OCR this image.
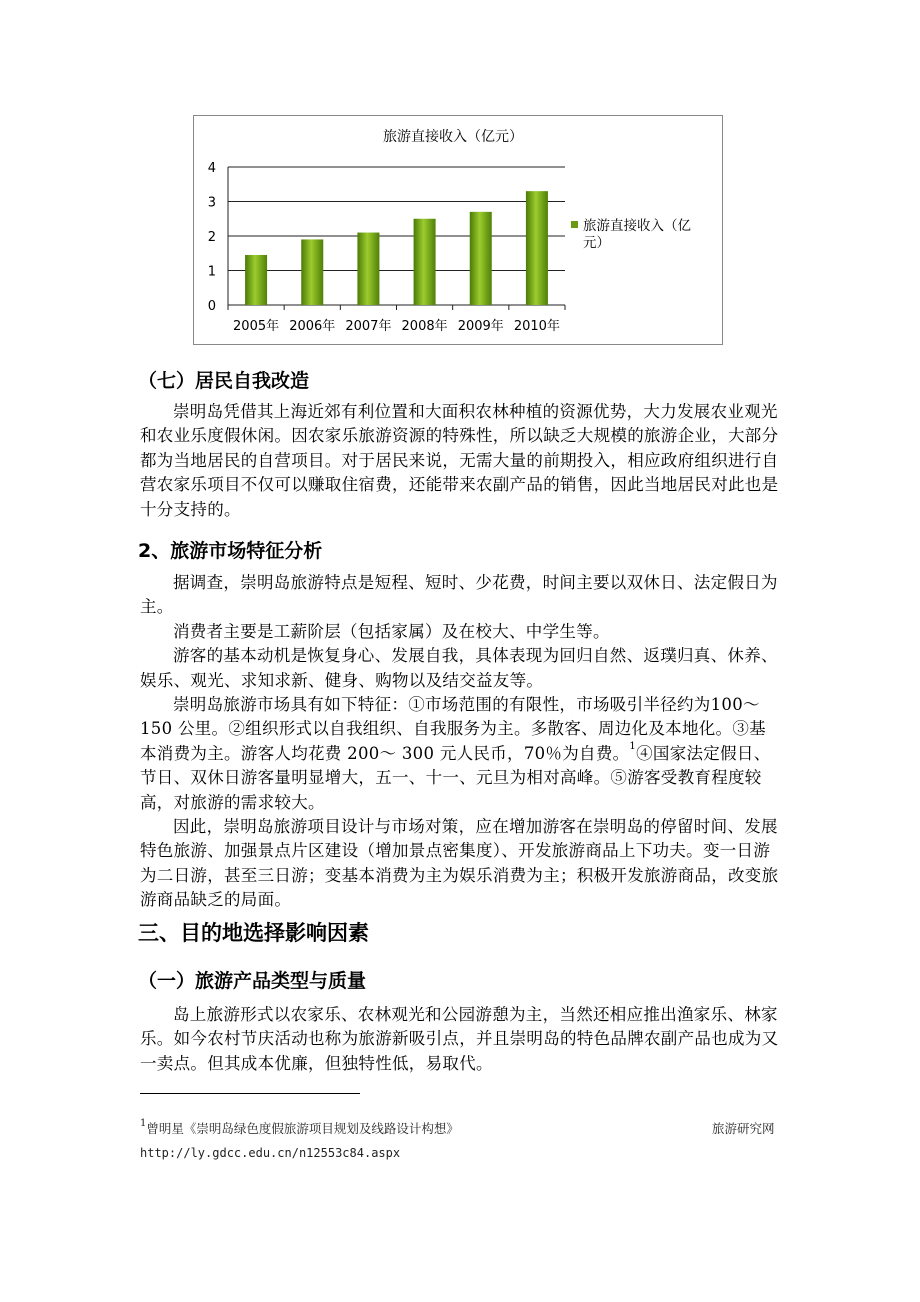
旅游直接收入（亿元）
2005年 2006年 2007年 2008年 2009年 2010年
0
1
2
3
4
旅游直接收入（亿
元）
（七）居民自我改造

崇明岛凭借其上海近郊有利位置和大面积农林种植的资源优势，大力发展农业观光和农业乐度假休闲。因农家乐旅游资源的特殊性，所以缺乏大规模的旅游企业，大部分都为当地居民的自营项目。对于居民来说，无需大量的前期投入，相应政府组织进行自营农家乐项目不仅可以赚取住宿费，还能带来农副产品的销售，因此当地居民对此也是十分支持的。

2、旅游市场特征分析

据调查，崇明岛旅游特点是短程、短时、少花费，时间主要以双休日、法定假日为主。

消费者主要是工薪阶层（包括家属）及在校大、中学生等。

游客的基本动机是恢复身心、发展自我，具体表现为回归自然、返璞归真、休养、娱乐、观光、求知求新、健身、购物以及结交益友等。

崇明岛旅游市场具有如下特征：①市场范围的有限性，市场吸引半径约为100～150 公里。②组织形式以自我组织、自我服务为主。多散客、周边化及本地化。③基本消费为主。游客人均花费 200～ 300 元人民币，70％为自费。$^1$④国家法定假日、节日、双休日游客量明显增大，五一、十一、元旦为相对高峰。⑤游客受教育程度较高，对旅游的需求较大。

因此，崇明岛旅游项目设计与市场对策，应在增加游客在崇明岛的停留时间、发展特色旅游、加强景点片区建设（增加景点密集度）、开发旅游商品上下功夫。变一日游为二日游，甚至三日游；变基本消费为主为娱乐消费为主；积极开发旅游商品，改变旅游商品缺乏的局面。

三、目的地选择影响因素
（一）旅游产品类型与质量

岛上旅游形式以农家乐、农林观光和公园游憩为主，当然还相应推出渔家乐、林家乐。如今农村节庆活动也称为旅游新吸引点，并且崇明岛的特色品牌农副产品也成为又一卖点。但其成本优廉，但独特性低，易取代。

$^1$曾明星《崇明岛绿色度假旅游项目规划及线路设计构想》	旅游研究网
http://ly.gdcc.edu.cn/n12553c84.aspx
